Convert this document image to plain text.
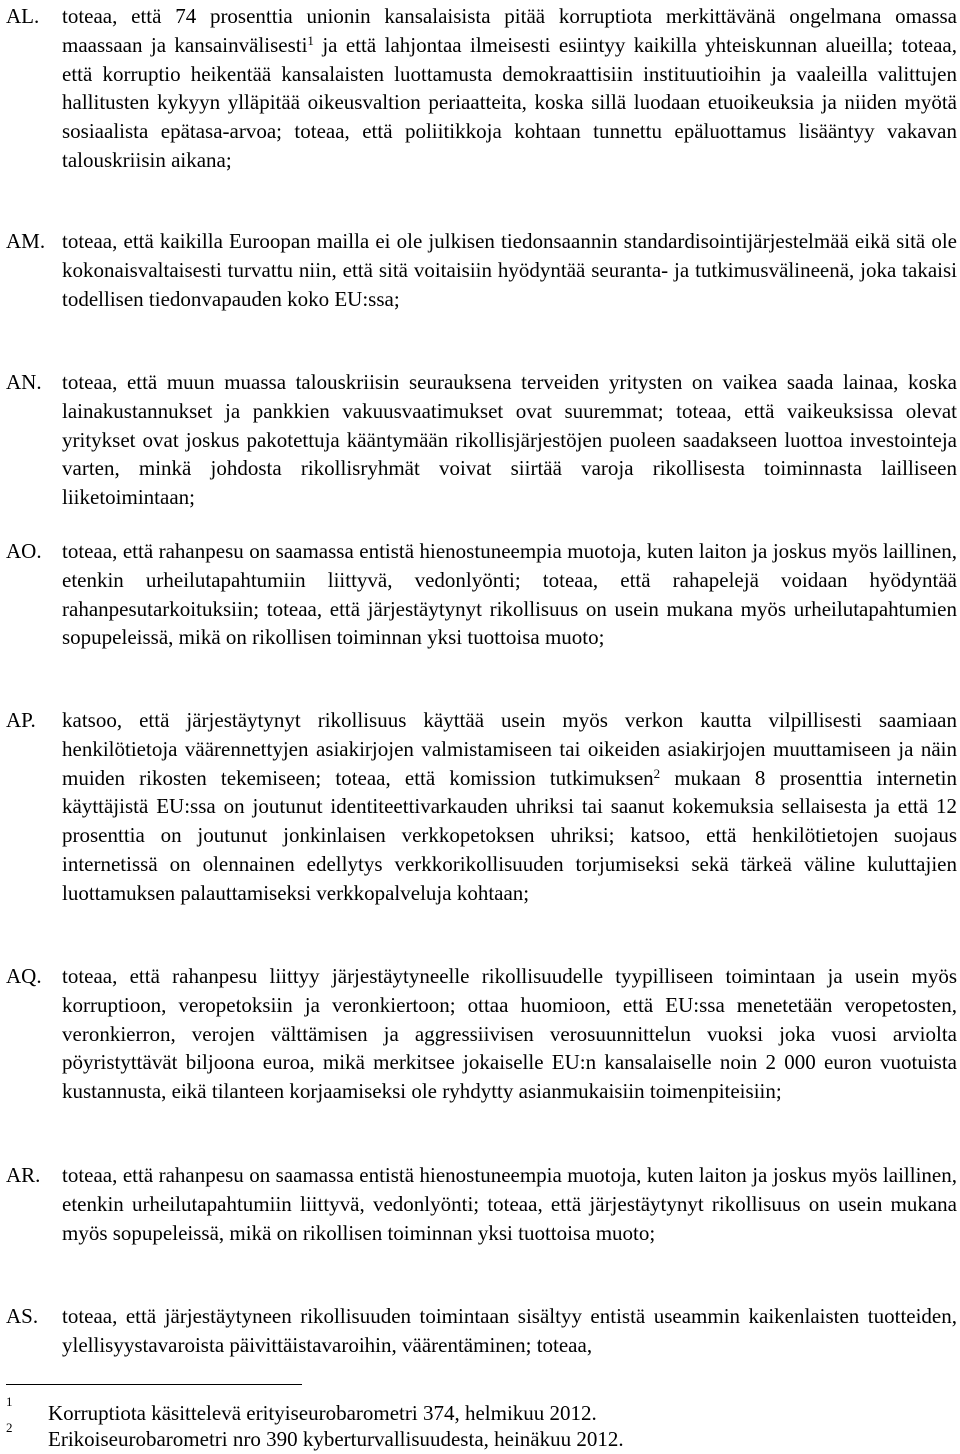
AL. toteaa, että 74 prosenttia unionin kansalaisista pitää korruptiota merkittävänä ongelmana omassa maassaan ja kansainvälisesti$^1$ ja että lahjontaa ilmeisesti esiintyy kaikilla yhteiskunnan alueilla; toteaa, että korruptio heikentää kansalaisten luottamusta demokraattisiin instituutioihin ja vaaleilla valittujen hallitusten kykyyn ylläpitää oikeusvaltion periaatteita, koska sillä luodaan etuoikeuksia ja niiden myötä sosiaalista epätasa-arvoa; toteaa, että poliitikkoja kohtaan tunnettu epäluottamus lisääntyy vakavan talouskriisin aikana;
AM. toteaa, että kaikilla Euroopan mailla ei ole julkisen tiedonsaannin standardisointijärjestelmää eikä sitä ole kokonaisvaltaisesti turvattu niin, että sitä voitaisiin hyödyntää seuranta- ja tutkimusvälineenä, joka takaisi todellisen tiedonvapauden koko EU:ssa;
AN. toteaa, että muun muassa talouskriisin seurauksena terveiden yritysten on vaikea saada lainaa, koska lainakustannukset ja pankkien vakuusvaatimukset ovat suuremmat; toteaa, että vaikeuksissa olevat yritykset ovat joskus pakotettuja kääntymään rikollisjärjestöjen puoleen saadakseen luottoa investointeja varten, minkä johdosta rikollisryhmät voivat siirtää varoja rikollisesta toiminnasta lailliseen liiketoimintaan;
AO. toteaa, että rahanpesu on saamassa entistä hienostuneempia muotoja, kuten laiton ja joskus myös laillinen, etenkin urheilutapahtumiin liittyvä, vedonlyönti; toteaa, että rahapelejä voidaan hyödyntää rahanpesutarkoituksiin; toteaa, että järjestäytynyt rikollisuus on usein mukana myös urheilutapahtumien sopupeleissä, mikä on rikollisen toiminnan yksi tuottoisa muoto;
AP. katsoo, että järjestäytynyt rikollisuus käyttää usein myös verkon kautta vilpillisesti saamiaan henkilötietoja väärennettyjen asiakirjojen valmistamiseen tai oikeiden asiakirjojen muuttamiseen ja näin muiden rikosten tekemiseen; toteaa, että komission tutkimuksen$^2$ mukaan 8 prosenttia internetin käyttäjistä EU:ssa on joutunut identiteettivarkauden uhriksi tai saanut kokemuksia sellaisesta ja että 12 prosenttia on joutunut jonkinlaisen verkkopetoksen uhriksi; katsoo, että henkilötietojen suojaus internetissä on olennainen edellytys verkkorikollisuuden torjumiseksi sekä tärkeä väline kuluttajien luottamuksen palauttamiseksi verkkopalveluja kohtaan;
AQ. toteaa, että rahanpesu liittyy järjestäytyneelle rikollisuudelle tyypilliseen toimintaan ja usein myös korruptioon, veropetoksiin ja veronkiertoon; ottaa huomioon, että EU:ssa menetetään veropetosten, veronkierron, verojen välttämisen ja aggressiivisen verosuunnittelun vuoksi joka vuosi arviolta pöyristyttävät biljoona euroa, mikä merkitsee jokaiselle EU:n kansalaiselle noin 2 000 euron vuotuista kustannusta, eikä tilanteen korjaamiseksi ole ryhdytty asianmukaisiin toimenpiteisiin;
AR. toteaa, että rahanpesu on saamassa entistä hienostuneempia muotoja, kuten laiton ja joskus myös laillinen, etenkin urheilutapahtumiin liittyvä, vedonlyönti; toteaa, että järjestäytynyt rikollisuus on usein mukana myös sopupeleissä, mikä on rikollisen toiminnan yksi tuottoisa muoto;
AS. toteaa, että järjestäytyneen rikollisuuden toimintaan sisältyy entistä useammin kaikenlaisten tuotteiden, ylellisyystavaroista päivittäistavaroihin, väärentäminen; toteaa,
1 Korruptiota käsittelevä erityiseurobarometri 374, helmikuu 2012.
2 Erikoiseurobarometri nro 390 kyberturvallisuudesta, heinäkuu 2012.
